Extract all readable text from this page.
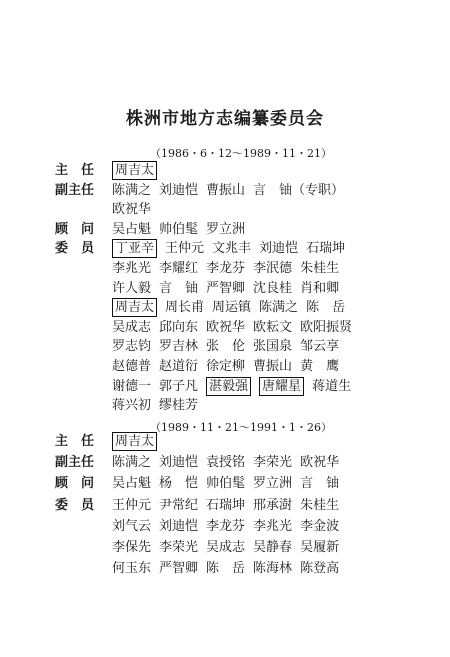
株洲市地方志编纂委员会
（1986・6・12～1989・11・21）
主　任	周吉太
副主任	陈满之 刘迪恺 曹振山 言　铀（专职）
欧祝华
顾　问	吴占魁 帅伯髦 罗立洲
委　员	丁亚辛 王仲元 文兆丰 刘迪恺 石瑞坤
李兆光 李耀红 李龙芬 李泯德 朱桂生
许人毅 言　铀 严智卿 沈良桂 肖和卿
周吉太 周长甫 周运镇 陈满之 陈　岳
吴成志 邱向东 欧祝华 欧耘文 欧阳振贤
罗志钧 罗吉林 张　伦 张国泉 邹云享
赵德普 赵道衍 徐定柳 曹振山 黄　鹰
谢德一 郭子凡 湛毅强 唐耀星 蒋道生
蒋兴初 缪桂芳
（1989・11・21～1991・1・26）
主　任	周吉太
副主任	陈满之 刘迪恺 袁授铭 李荣光 欧祝华
顾　问	吴占魁 杨　恺 帅伯髦 罗立洲 言　铀
委　员	王仲元 尹常纪 石瑞坤 邢承澍 朱桂生
刘气云 刘迪恺 李龙芬 李兆光 李金波
李保先 李荣光 吴成志 吴静春 吴履新
何玉东 严智卿 陈　岳 陈海林 陈登高
